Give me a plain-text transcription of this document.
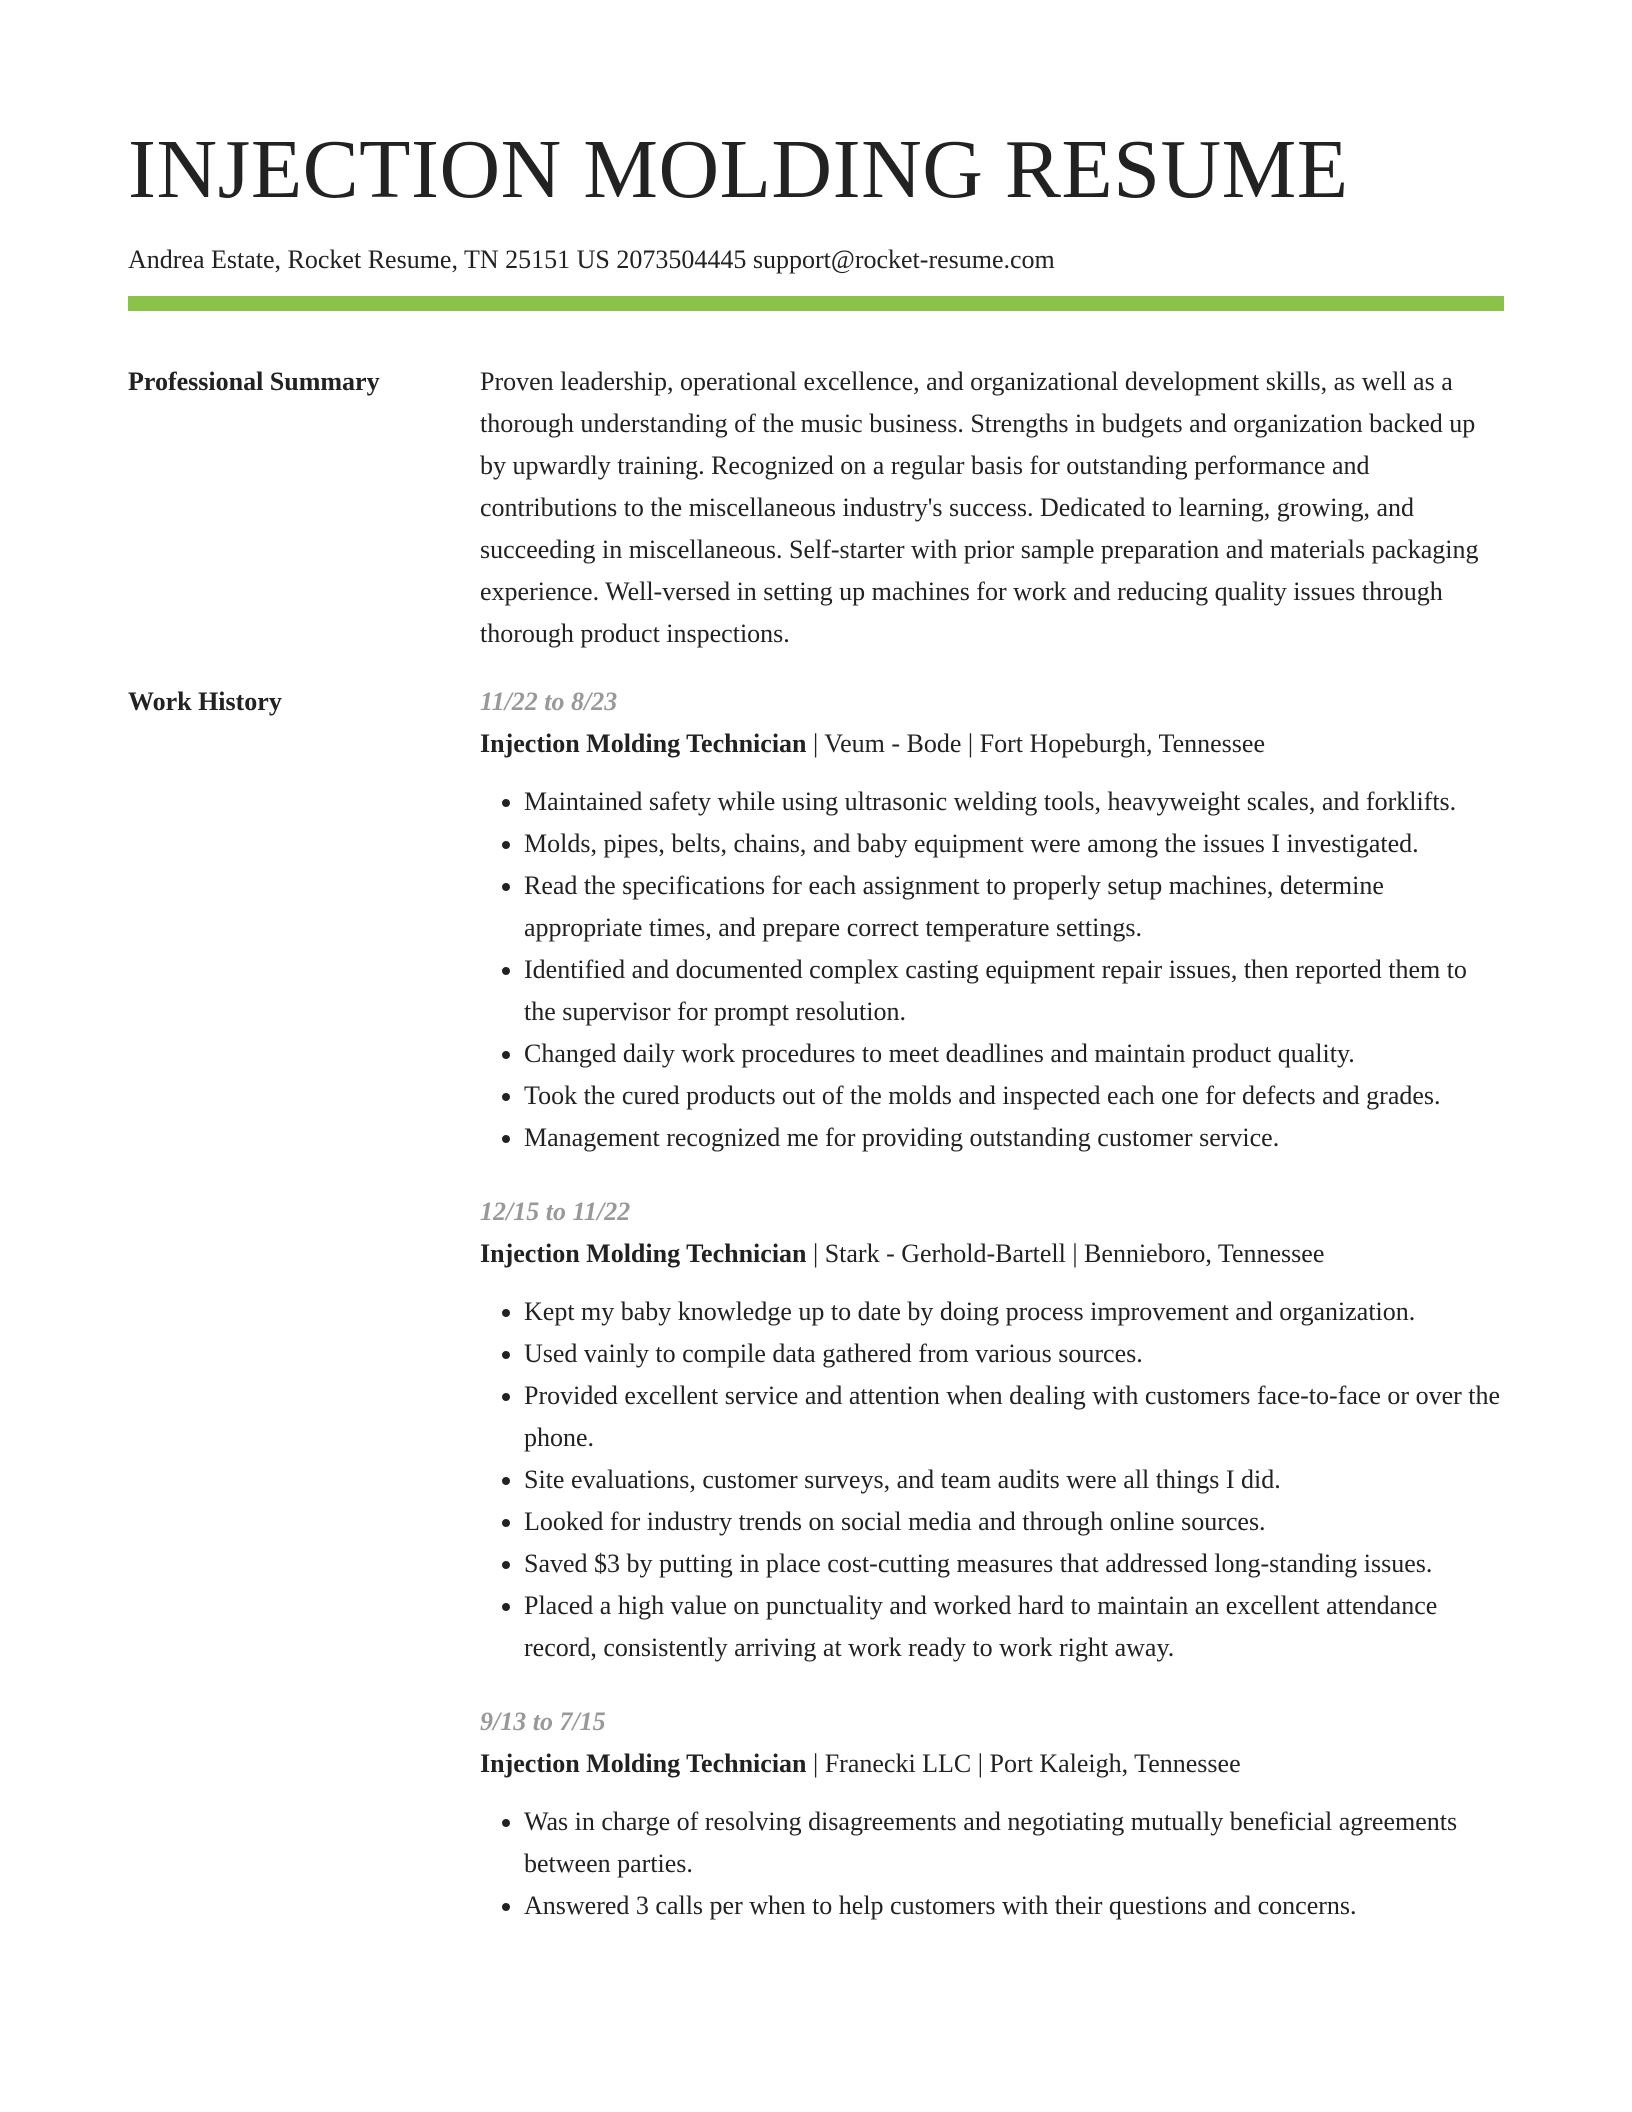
INJECTION MOLDING RESUME
Andrea Estate, Rocket Resume, TN 25151 US 2073504445 support@rocket-resume.com
Professional Summary	Proven leadership, operational excellence, and organizational development skills, as well as a thorough understanding of the music business. Strengths in budgets and organization backed up by upwardly training. Recognized on a regular basis for outstanding performance and contributions to the miscellaneous industry's success. Dedicated to learning, growing, and succeeding in miscellaneous. Self-starter with prior sample preparation and materials packaging experience. Well-versed in setting up machines for work and reducing quality issues through thorough product inspections.
Work History	11/22 to 8/23
Injection Molding Technician | Veum - Bode | Fort Hopeburgh, Tennessee
• Maintained safety while using ultrasonic welding tools, heavyweight scales, and forklifts.
• Molds, pipes, belts, chains, and baby equipment were among the issues I investigated.
• Read the specifications for each assignment to properly setup machines, determine appropriate times, and prepare correct temperature settings.
• Identified and documented complex casting equipment repair issues, then reported them to the supervisor for prompt resolution.
• Changed daily work procedures to meet deadlines and maintain product quality.
• Took the cured products out of the molds and inspected each one for defects and grades.
• Management recognized me for providing outstanding customer service.
12/15 to 11/22
Injection Molding Technician | Stark - Gerhold-Bartell | Bennieboro, Tennessee
• Kept my baby knowledge up to date by doing process improvement and organization.
• Used vainly to compile data gathered from various sources.
• Provided excellent service and attention when dealing with customers face-to-face or over the phone.
• Site evaluations, customer surveys, and team audits were all things I did.
• Looked for industry trends on social media and through online sources.
• Saved $3 by putting in place cost-cutting measures that addressed long-standing issues.
• Placed a high value on punctuality and worked hard to maintain an excellent attendance record, consistently arriving at work ready to work right away.
9/13 to 7/15
Injection Molding Technician | Franecki LLC | Port Kaleigh, Tennessee
• Was in charge of resolving disagreements and negotiating mutually beneficial agreements between parties.
• Answered 3 calls per when to help customers with their questions and concerns.
